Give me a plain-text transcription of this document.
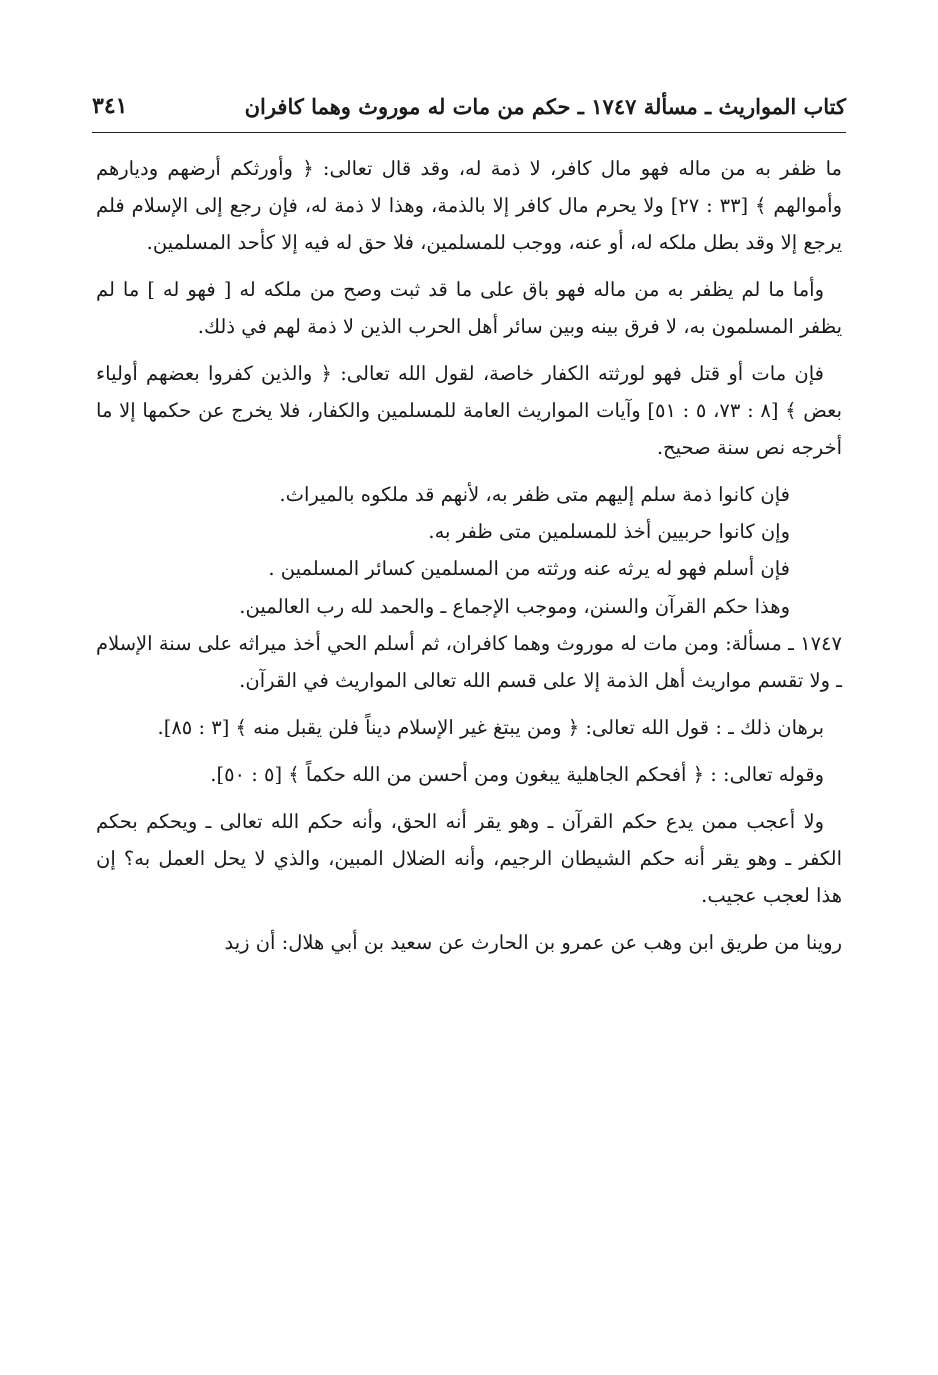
كتاب المواريث ـ مسألة ١٧٤٧ ـ حكم من مات له موروث وهما كافران
٣٤١

ما ظفر به من ماله فهو مال كافر، لا ذمة له، وقد قال تعالى: ﴿ وأورثكم أرضهم وديارهم وأموالهم ﴾ [٣٣ : ٢٧] ولا يحرم مال كافر إلا بالذمة، وهذا لا ذمة له، فإن رجع إلى الإسلام فلم يرجع إلا وقد بطل ملكه له، أو عنه، ووجب للمسلمين، فلا حق له فيه إلا كأحد المسلمين.

وأما ما لم يظفر به من ماله فهو باق على ما قد ثبت وصح من ملكه له [ فهو له ] ما لم يظفر المسلمون به، لا فرق بينه وبين سائر أهل الحرب الذين لا ذمة لهم في ذلك.

فإن مات أو قتل فهو لورثته الكفار خاصة، لقول الله تعالى: ﴿ والذين كفروا بعضهم أولياء بعض ﴾ [٨ : ٧٣، ٥ : ٥١] وآيات المواريث العامة للمسلمين والكفار، فلا يخرج عن حكمها إلا ما أخرجه نص سنة صحيح.

فإن كانوا ذمة سلم إليهم متى ظفر به، لأنهم قد ملكوه بالميراث.

وإن كانوا حربيين أخذ للمسلمين متى ظفر به.

فإن أسلم فهو له يرثه عنه ورثته من المسلمين كسائر المسلمين .

وهذا حكم القرآن والسنن، وموجب الإجماع ـ والحمد لله رب العالمين.

١٧٤٧ ـ مسألة: ومن مات له موروث وهما كافران، ثم أسلم الحي أخذ ميراثه على سنة الإسلام ـ ولا تقسم مواريث أهل الذمة إلا على قسم الله تعالى المواريث في القرآن.

برهان ذلك ـ : قول الله تعالى: ﴿ ومن يبتغ غير الإسلام ديناً فلن يقبل منه ﴾ [٣ : ٨٥].

وقوله تعالى: : ﴿ أفحكم الجاهلية يبغون ومن أحسن من الله حكماً ﴾ [٥ : ٥٠].

ولا أعجب ممن يدع حكم القرآن ـ وهو يقر أنه الحق، وأنه حكم الله تعالى ـ ويحكم بحكم الكفر ـ وهو يقر أنه حكم الشيطان الرجيم، وأنه الضلال المبين، والذي لا يحل العمل به؟ إن هذا لعجب عجيب.

روينا من طريق ابن وهب عن عمرو بن الحارث عن سعيد بن أبي هلال: أن زيد
